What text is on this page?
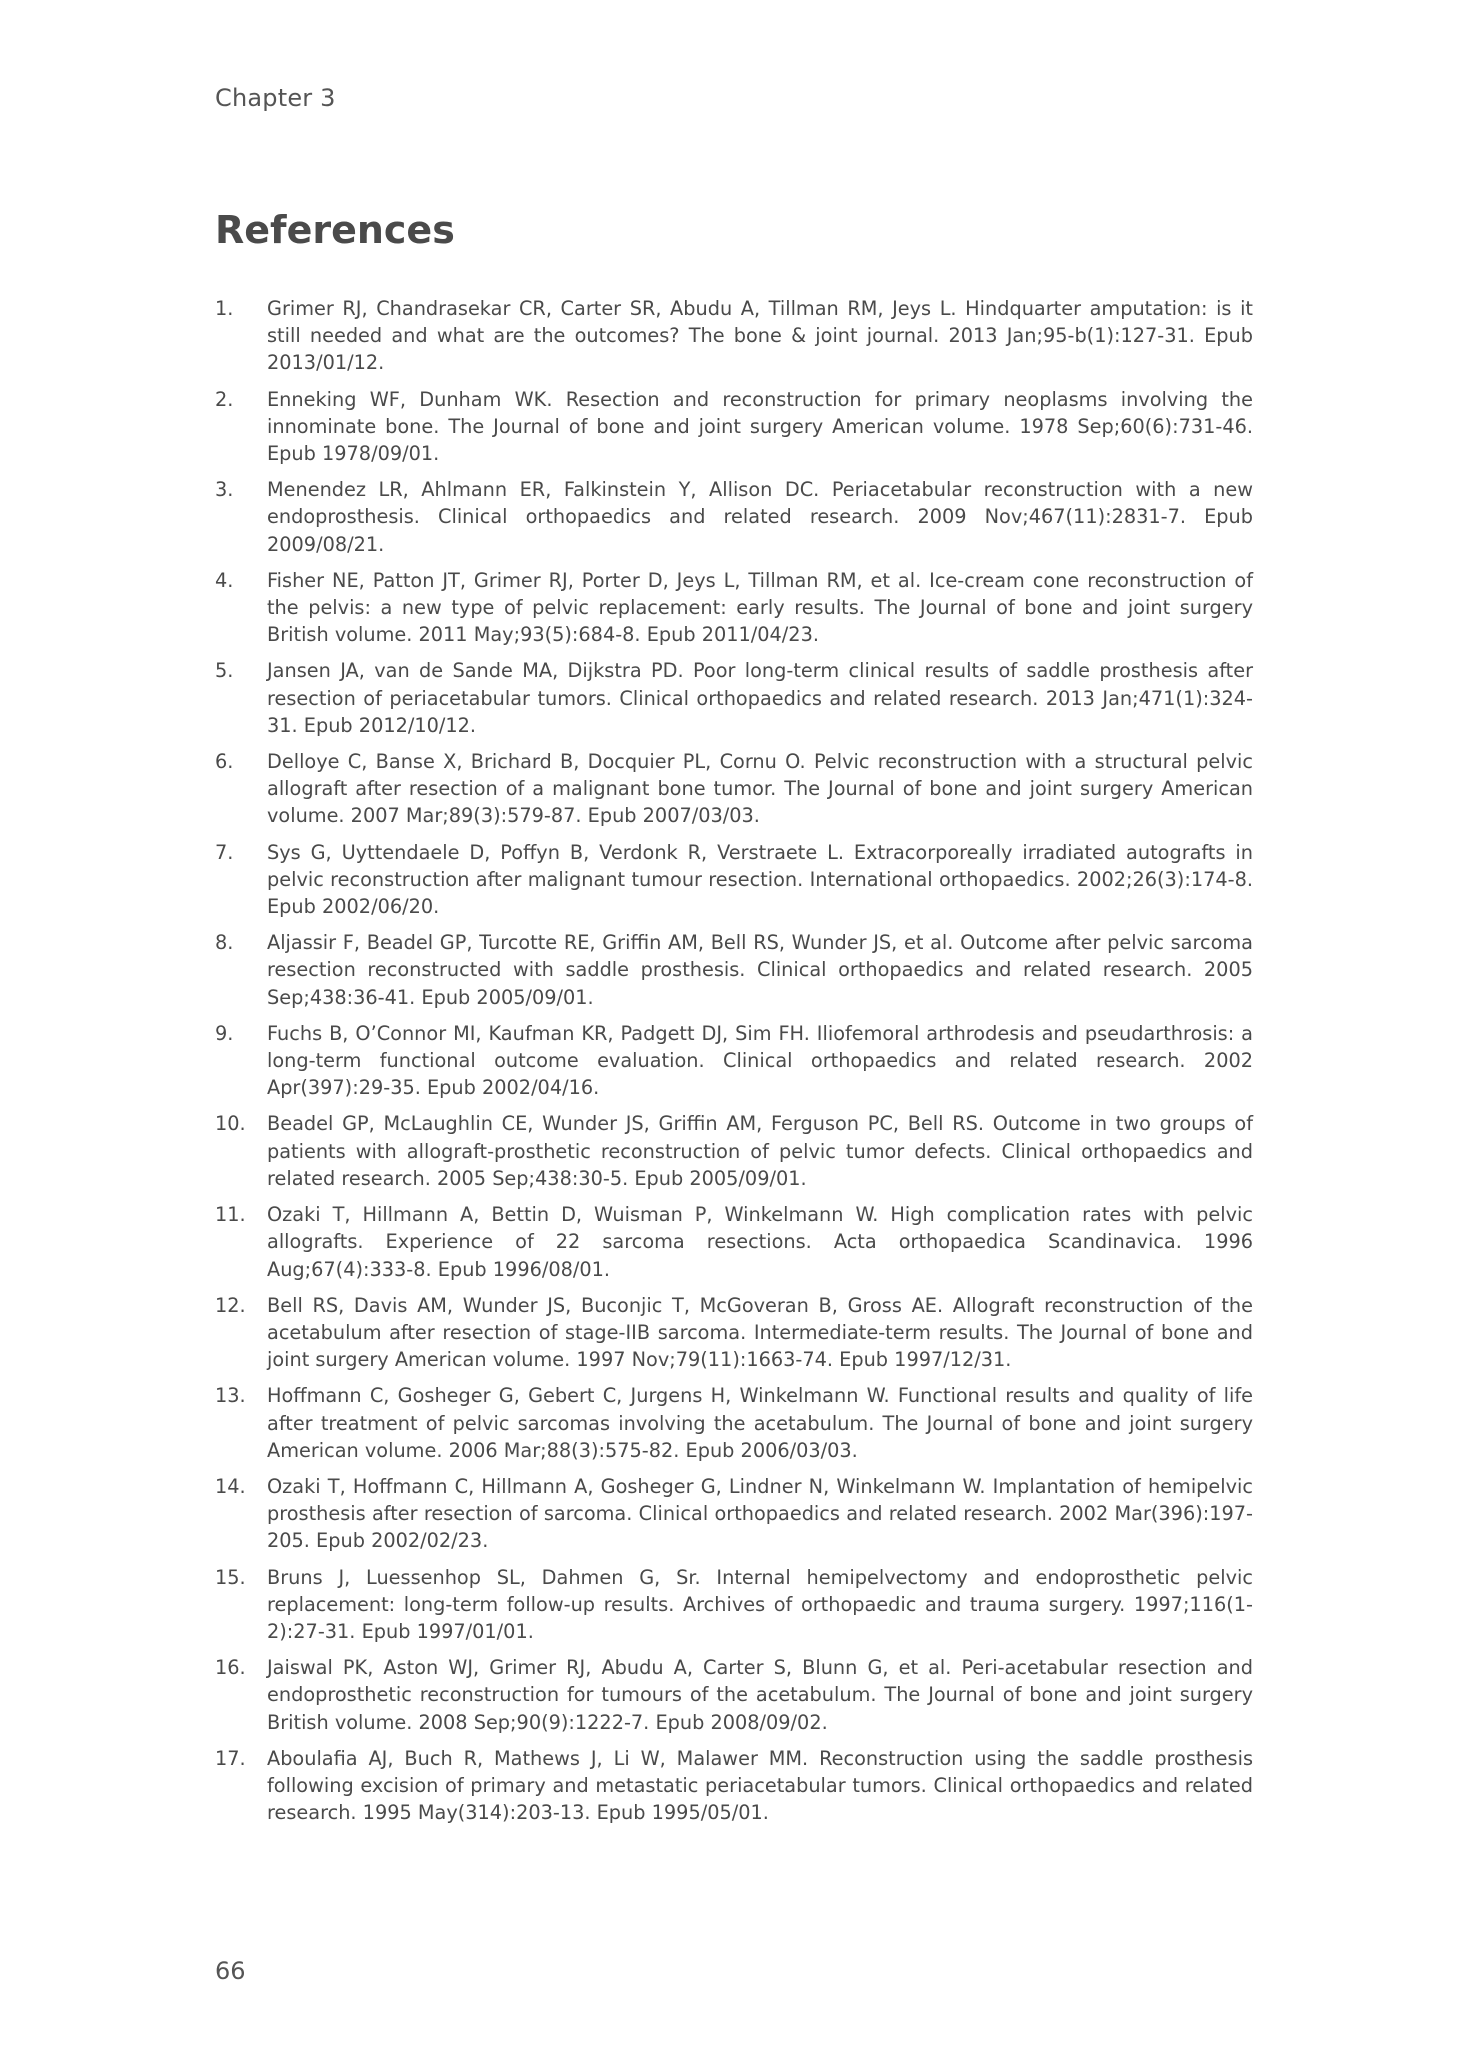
Chapter 3
References
1.	Grimer RJ, Chandrasekar CR, Carter SR, Abudu A, Tillman RM, Jeys L. Hindquarter amputation: is it still needed and what are the outcomes? The bone & joint journal. 2013 Jan;95-b(1):127-31. Epub 2013/01/12.
2.	Enneking WF, Dunham WK. Resection and reconstruction for primary neoplasms involving the innominate bone. The Journal of bone and joint surgery American volume. 1978 Sep;60(6):731-46. Epub 1978/09/01.
3.	Menendez LR, Ahlmann ER, Falkinstein Y, Allison DC. Periacetabular reconstruction with a new endoprosthesis. Clinical orthopaedics and related research. 2009 Nov;467(11):2831-7. Epub 2009/08/21.
4.	Fisher NE, Patton JT, Grimer RJ, Porter D, Jeys L, Tillman RM, et al. Ice-cream cone reconstruction of the pelvis: a new type of pelvic replacement: early results. The Journal of bone and joint surgery British volume. 2011 May;93(5):684-8. Epub 2011/04/23.
5.	Jansen JA, van de Sande MA, Dijkstra PD. Poor long-term clinical results of saddle prosthesis after resection of periacetabular tumors. Clinical orthopaedics and related research. 2013 Jan;471(1):324-31. Epub 2012/10/12.
6.	Delloye C, Banse X, Brichard B, Docquier PL, Cornu O. Pelvic reconstruction with a structural pelvic allograft after resection of a malignant bone tumor. The Journal of bone and joint surgery American volume. 2007 Mar;89(3):579-87. Epub 2007/03/03.
7.	Sys G, Uyttendaele D, Poffyn B, Verdonk R, Verstraete L. Extracorporeally irradiated autografts in pelvic reconstruction after malignant tumour resection. International orthopaedics. 2002;26(3):174-8. Epub 2002/06/20.
8.	Aljassir F, Beadel GP, Turcotte RE, Griffin AM, Bell RS, Wunder JS, et al. Outcome after pelvic sarcoma resection reconstructed with saddle prosthesis. Clinical orthopaedics and related research. 2005 Sep;438:36-41. Epub 2005/09/01.
9.	Fuchs B, O’Connor MI, Kaufman KR, Padgett DJ, Sim FH. Iliofemoral arthrodesis and pseudarthrosis: a long-term functional outcome evaluation. Clinical orthopaedics and related research. 2002 Apr(397):29-35. Epub 2002/04/16.
10.	Beadel GP, McLaughlin CE, Wunder JS, Griffin AM, Ferguson PC, Bell RS. Outcome in two groups of patients with allograft-prosthetic reconstruction of pelvic tumor defects. Clinical orthopaedics and related research. 2005 Sep;438:30-5. Epub 2005/09/01.
11.	Ozaki T, Hillmann A, Bettin D, Wuisman P, Winkelmann W. High complication rates with pelvic allografts. Experience of 22 sarcoma resections. Acta orthopaedica Scandinavica. 1996 Aug;67(4):333-8. Epub 1996/08/01.
12.	Bell RS, Davis AM, Wunder JS, Buconjic T, McGoveran B, Gross AE. Allograft reconstruction of the acetabulum after resection of stage-IIB sarcoma. Intermediate-term results. The Journal of bone and joint surgery American volume. 1997 Nov;79(11):1663-74. Epub 1997/12/31.
13.	Hoffmann C, Gosheger G, Gebert C, Jurgens H, Winkelmann W. Functional results and quality of life after treatment of pelvic sarcomas involving the acetabulum. The Journal of bone and joint surgery American volume. 2006 Mar;88(3):575-82. Epub 2006/03/03.
14.	Ozaki T, Hoffmann C, Hillmann A, Gosheger G, Lindner N, Winkelmann W. Implantation of hemipelvic prosthesis after resection of sarcoma. Clinical orthopaedics and related research. 2002 Mar(396):197-205. Epub 2002/02/23.
15.	Bruns J, Luessenhop SL, Dahmen G, Sr. Internal hemipelvectomy and endoprosthetic pelvic replacement: long-term follow-up results. Archives of orthopaedic and trauma surgery. 1997;116(1-2):27-31. Epub 1997/01/01.
16.	Jaiswal PK, Aston WJ, Grimer RJ, Abudu A, Carter S, Blunn G, et al. Peri-acetabular resection and endoprosthetic reconstruction for tumours of the acetabulum. The Journal of bone and joint surgery British volume. 2008 Sep;90(9):1222-7. Epub 2008/09/02.
17.	Aboulafia AJ, Buch R, Mathews J, Li W, Malawer MM. Reconstruction using the saddle prosthesis following excision of primary and metastatic periacetabular tumors. Clinical orthopaedics and related research. 1995 May(314):203-13. Epub 1995/05/01.
66
